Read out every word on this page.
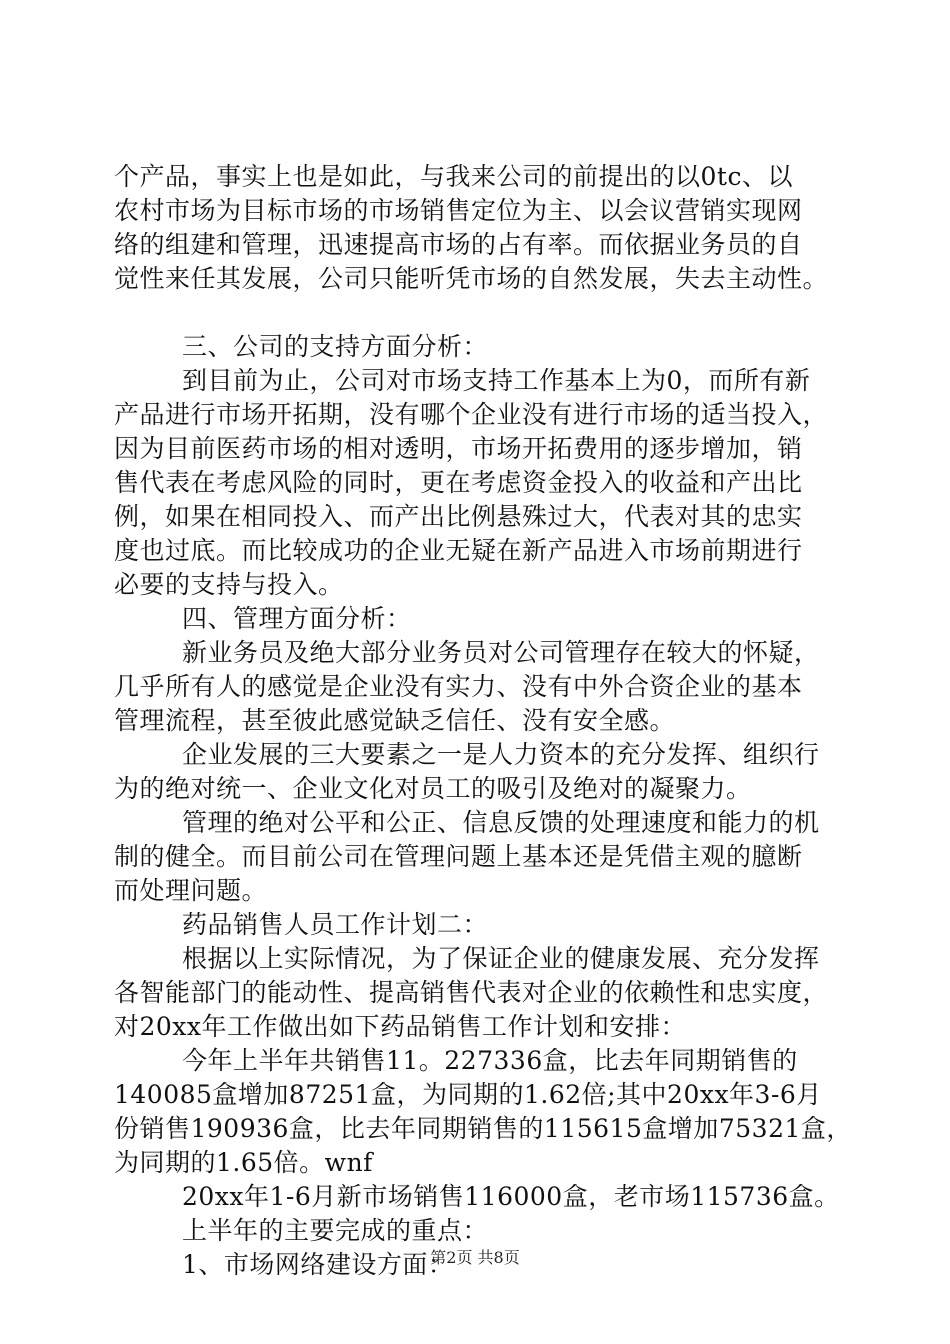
个产品，事实上也是如此，与我来公司的前提出的以0tc、以
农村市场为目标市场的市场销售定位为主、以会议营销实现网
络的组建和管理，迅速提高市场的占有率。而依据业务员的自
觉性来任其发展，公司只能听凭市场的自然发展，失去主动性。
三、公司的支持方面分析：
到目前为止，公司对市场支持工作基本上为0，而所有新
产品进行市场开拓期，没有哪个企业没有进行市场的适当投入，
因为目前医药市场的相对透明，市场开拓费用的逐步增加，销
售代表在考虑风险的同时，更在考虑资金投入的收益和产出比
例，如果在相同投入、而产出比例悬殊过大，代表对其的忠实
度也过底。而比较成功的企业无疑在新产品进入市场前期进行
必要的支持与投入。
四、管理方面分析：
新业务员及绝大部分业务员对公司管理存在较大的怀疑，
几乎所有人的感觉是企业没有实力、没有中外合资企业的基本
管理流程，甚至彼此感觉缺乏信任、没有安全感。
企业发展的三大要素之一是人力资本的充分发挥、组织行
为的绝对统一、企业文化对员工的吸引及绝对的凝聚力。
管理的绝对公平和公正、信息反馈的处理速度和能力的机
制的健全。而目前公司在管理问题上基本还是凭借主观的臆断
而处理问题。
药品销售人员工作计划二：
根据以上实际情况，为了保证企业的健康发展、充分发挥
各智能部门的能动性、提高销售代表对企业的依赖性和忠实度，
对20xx年工作做出如下药品销售工作计划和安排：
今年上半年共销售11。227336盒，比去年同期销售的
140085盒增加87251盒，为同期的1.62倍;其中20xx年3-6月
份销售190936盒，比去年同期销售的115615盒增加75321盒，
为同期的1.65倍。wnf
20xx年1-6月新市场销售116000盒，老市场115736盒。
上半年的主要完成的重点：
1、市场网络建设方面：
第2页 共8页
